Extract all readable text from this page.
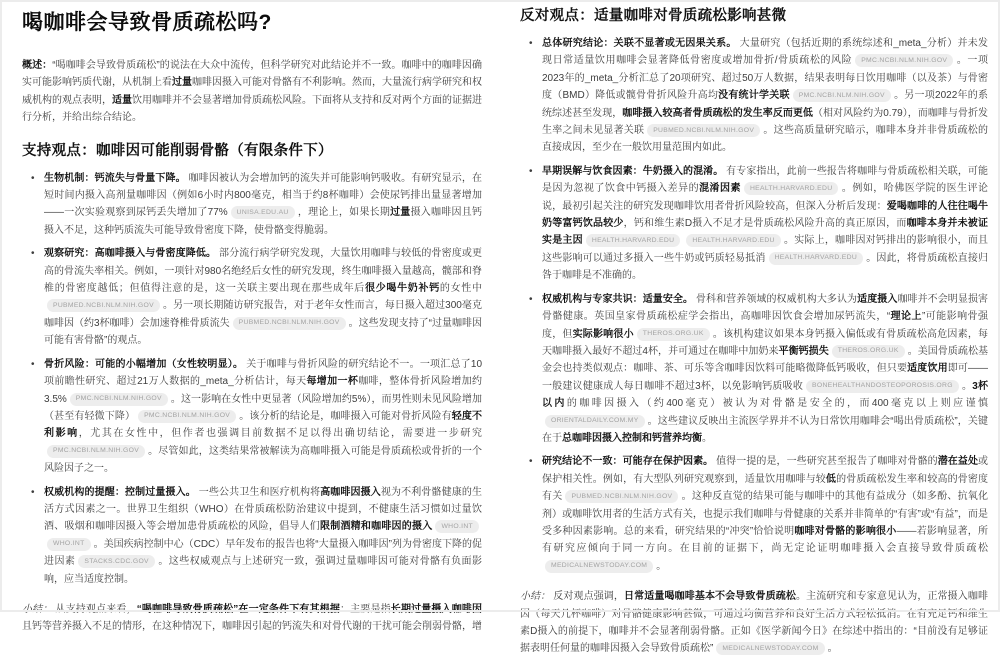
喝咖啡会导致骨质疏松吗?

概述：“喝咖啡会导致骨质疏松”的说法在大众中流传，但科学研究对此结论并不一致。咖啡中的咖啡因确实可能影响钙质代谢，从机制上看过量咖啡因摄入可能对骨骼有不利影响。然而，大量流行病学研究和权威机构的观点表明，适量饮用咖啡并不会显著增加骨质疏松风险。下面将从支持和反对两个方面的证据进行分析，并给出综合结论。

支持观点：咖啡因可能削弱骨骼（有限条件下）
• 生物机制：钙流失与骨量下降。 咖啡因被认为会增加钙的流失并可能影响钙吸收。有研究显示，在短时间内摄入高剂量咖啡因（例如6小时内800毫克，相当于约8杯咖啡）会使尿钙排出量显著增加——一次实验观察到尿钙丢失增加了77% UNISA.EDU.AU ，理论上，如果长期过量摄入咖啡因且钙摄入不足，这种钙质流失可能导致骨密度下降，使骨骼变得脆弱。
• 观察研究：高咖啡摄入与骨密度降低。 部分流行病学研究发现，大量饮用咖啡与较低的骨密度或更高的骨流失率相关。例如，一项针对980名绝经后女性的研究发现，终生咖啡摄入量越高，髋部和脊椎的骨密度越低；但值得注意的是，这一关联主要出现在那些成年后很少喝牛奶补钙的女性中PUBMED.NCBI.NLM.NIH.GOV 。另一项长期随访研究报告，对于老年女性而言，每日摄入超过300毫克咖啡因（约3杯咖啡）会加速脊椎骨质流失 PUBMED.NCBI.NLM.NIH.GOV 。这些发现支持了“过量咖啡因可能有害骨骼”的观点。
• 骨折风险：可能的小幅增加（女性较明显）。 关于咖啡与骨折风险的研究结论不一。一项汇总了10项前瞻性研究、超过21万人数据的_meta_分析估计，每天每增加一杯咖啡，整体骨折风险增加约3.5% PMC.NCBI.NLM.NIH.GOV 。这一影响在女性中更显著（风险增加约5%），而男性则未见风险增加（甚至有轻微下降） PMC.NCBI.NLM.NIH.GOV 。该分析的结论是，咖啡摄入可能对骨折风险有轻度不利影响，尤其在女性中，但作者也强调目前数据不足以得出确切结论，需要进一步研究PMC.NCBI.NLM.NIH.GOV 。尽管如此，这类结果常被解读为高咖啡摄入可能是骨质疏松或骨折的一个风险因子之一。
• 权威机构的提醒：控制过量摄入。 一些公共卫生和医疗机构将高咖啡因摄入视为不利骨骼健康的生活方式因素之一。世界卫生组织（WHO）在骨质疏松防治建议中提到，不健康生活习惯如过量饮酒、吸烟和咖啡因摄入等会增加患骨质疏松的风险，倡导人们限制酒精和咖啡因的摄入 WHO.INTWHO.INT 。美国疾病控制中心（CDC）早年发布的报告也将“大量摄入咖啡因”列为骨密度下降的促进因素 STACKS.CDC.GOV 。这些权威观点与上述研究一致，强调过量咖啡因可能对骨骼有负面影响，应当适度控制。

小结： 从支持观点来看，“喝咖啡导致骨质疏松”在一定条件下有其根据：主要是指长期过量摄入咖啡因且钙等营养摄入不足的情形，在这种情况下，咖啡因引起的钙流失和对骨代谢的干扰可能会削弱骨骼，增

反对观点：适量咖啡对骨质疏松影响甚微
• 总体研究结论：关联不显著或无因果关系。 大量研究（包括近期的系统综述和_meta_分析）并未发现日常适量饮用咖啡会显著降低骨密度或增加骨折/骨质疏松的风险 PMC.NCBI.NLM.NIH.GOV 。一项2023年的_meta_分析汇总了20项研究、超过50万人数据，结果表明每日饮用咖啡（以及茶）与骨密度（BMD）降低或髋骨骨折风险升高均没有统计学关联 PMC.NCBI.NLM.NIH.GOV 。另一项2022年的系统综述甚至发现，咖啡摄入较高者骨质疏松的发生率反而更低（相对风险约为0.79），而咖啡与骨折发生率之间未见显著关联 PUBMED.NCBI.NLM.NIH.GOV 。这些高质量研究暗示，咖啡本身并非骨质疏松的直接成因，至少在一般饮用量范围内如此。
• 早期误解与饮食因素：牛奶摄入的混淆。 有专家指出，此前一些报告将咖啡与骨质疏松相关联，可能是因为忽视了饮食中钙摄入差异的混淆因素 HEALTH.HARVARD.EDU 。例如，哈佛医学院的医生评论说，最初引起关注的研究发现咖啡饮用者骨折风险较高，但深入分析后发现：爱喝咖啡的人往往喝牛奶等富钙饮品较少，钙和维生素D摄入不足才是骨质疏松风险升高的真正原因，而咖啡本身并未被证实是主因 HEALTH.HARVARD.EDU	HEALTH.HARVARD.EDU 。实际上，咖啡因对钙排出的影响很小，而且这些影响可以通过多摄入一些牛奶或钙质轻易抵消 HEALTH.HARVARD.EDU 。因此，将骨质疏松直接归咎于咖啡是不准确的。
• 权威机构与专家共识：适量安全。 骨科和营养领域的权威机构大多认为适度摄入咖啡并不会明显损害骨骼健康。英国皇家骨质疏松症学会指出，高咖啡因饮食会增加尿钙流失，“理论上”可能影响骨强度，但实际影响很小 THEROS.ORG.UK 。该机构建议如果本身钙摄入偏低或有骨质疏松高危因素，每天咖啡摄入最好不超过4杯，并可通过在咖啡中加奶来平衡钙损失 THEROS.ORG.UK 。美国骨质疏松基金会也持类似观点：咖啡、茶、可乐等含咖啡因饮料可能略微降低钙吸收，但只要适度饮用即可——一般建议健康成人每日咖啡不超过3杯，以免影响钙质吸收 BONEHEALTHANDOSTEOPOROSIS.ORG 。3杯以内的咖啡因摄入（约400毫克）被认为对骨骼是安全的，而400毫克以上则应谨慎ORIENTALDAILY.COM.MY 。这些建议反映出主流医学界并不认为日常饮用咖啡会“喝出骨质疏松”，关键在于总咖啡因摄入控制和钙营养均衡。
• 研究结论不一致：可能存在保护因素。 值得一提的是，一些研究甚至报告了咖啡对骨骼的潜在益处或保护相关性。例如，有大型队列研究观察到，适量饮用咖啡与较低的骨质疏松发生率和较高的骨密度有关 PUBMED.NCBI.NLM.NIH.GOV 。这种反直觉的结果可能与咖啡中的其他有益成分（如多酚、抗氧化剂）或咖啡饮用者的生活方式有关，也提示我们咖啡与骨健康的关系并非简单的“有害”或“有益”，而是受多种因素影响。总的来看，研究结果的“冲突”恰恰说明咖啡对骨骼的影响很小——若影响显著，所有研究应倾向于同一方向。在目前的证据下，尚无定论证明咖啡摄入会直接导致骨质疏松MEDICALNEWSTODAY.COM 。

小结： 反对观点强调，日常适量喝咖啡基本不会导致骨质疏松。主流研究和专家意见认为，正常摄入咖啡因（每天几杯咖啡）对骨骼健康影响甚微，可通过均衡营养和良好生活方式轻松抵消。在有充足钙和维生素D摄入的前提下，咖啡并不会显著削弱骨骼。正如《医学新闻今日》在综述中指出的：“目前没有足够证据表明任何量的咖啡因摄入会导致骨质疏松” MEDICALNEWSTODAY.COM 。
